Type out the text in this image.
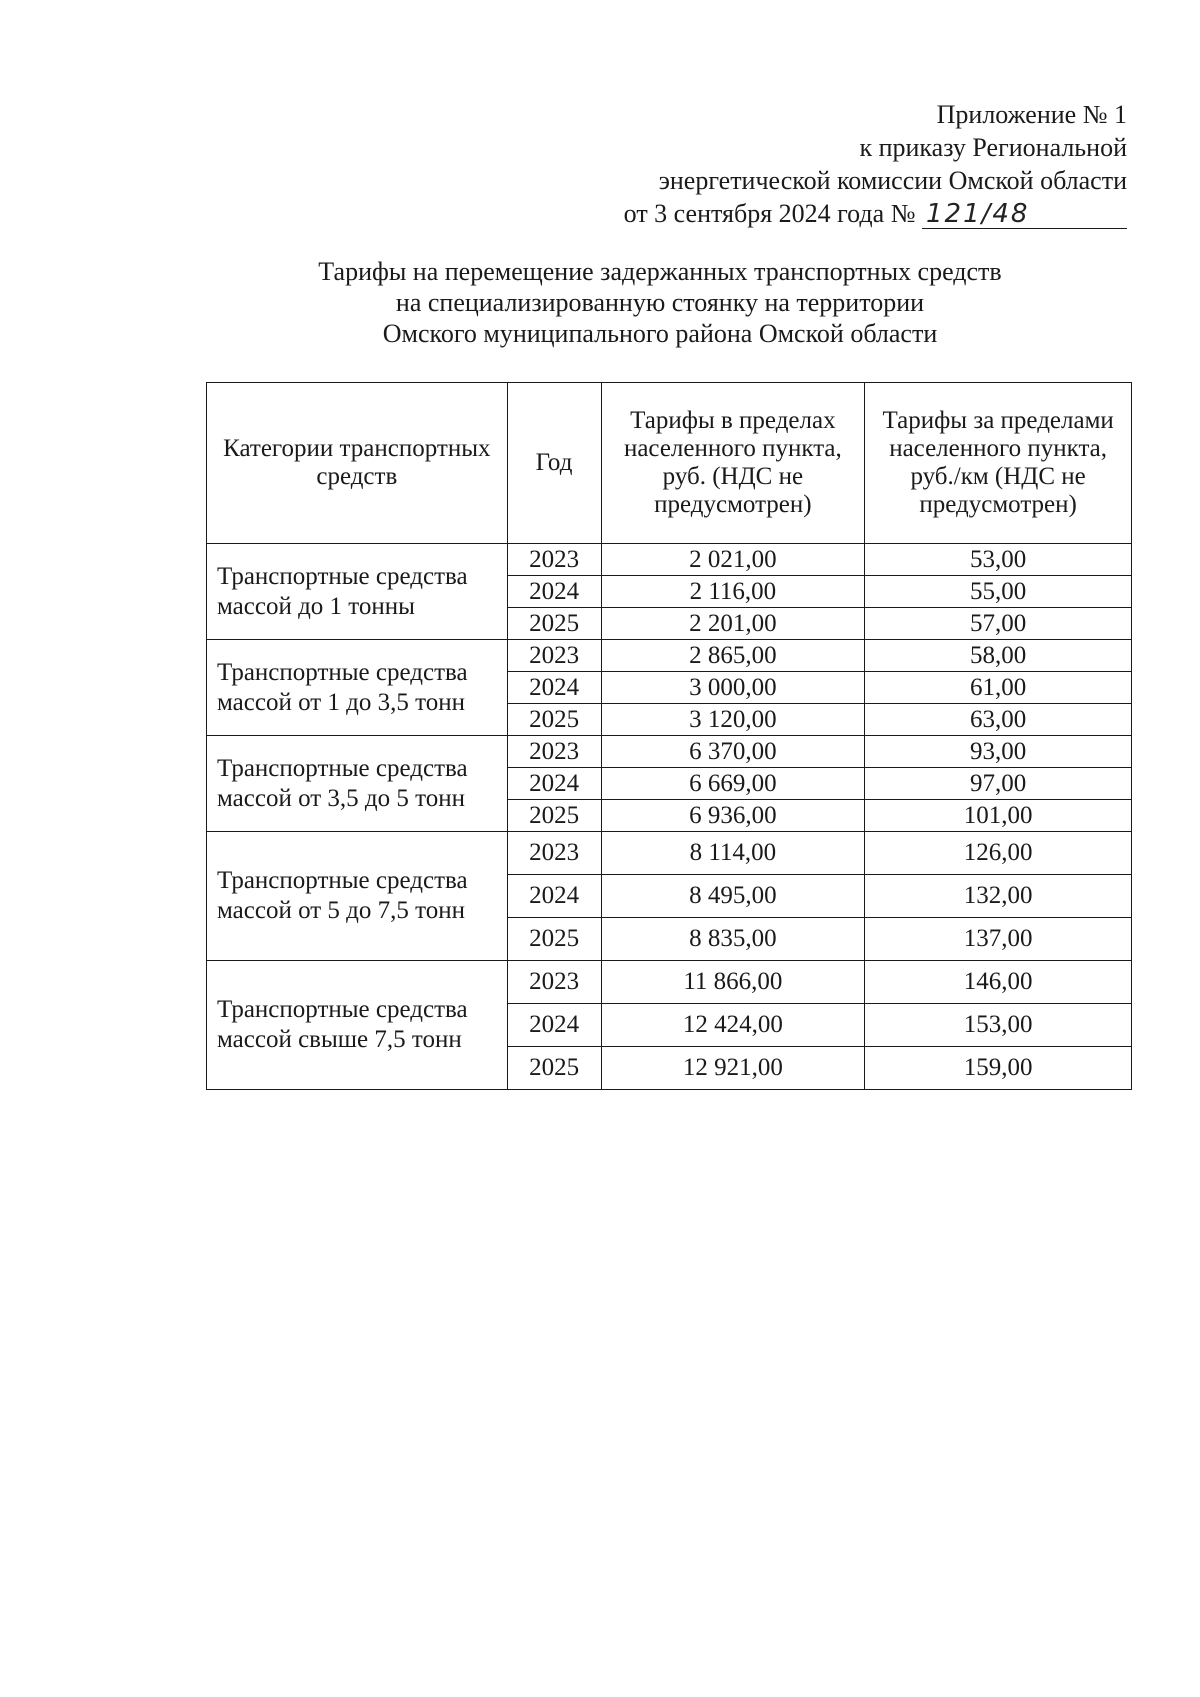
Приложение № 1
к приказу Региональной
энергетической комиссии Омской области
от 3 сентября 2024 года № 121/48
Тарифы на перемещение задержанных транспортных средств
на специализированную стоянку на территории
Омского муниципального района Омской области
Категории транспортных средств	Год	Тарифы в пределах населенного пункта, руб. (НДС не предусмотрен)	Тарифы за пределами населенного пункта, руб./км (НДС не предусмотрен)
Транспортные средства массой до 1 тонны	2023	2 021,00	53,00
	2024	2 116,00	55,00
	2025	2 201,00	57,00
Транспортные средства массой от 1 до 3,5 тонн	2023	2 865,00	58,00
	2024	3 000,00	61,00
	2025	3 120,00	63,00
Транспортные средства массой от 3,5 до 5 тонн	2023	6 370,00	93,00
	2024	6 669,00	97,00
	2025	6 936,00	101,00
Транспортные средства массой от 5 до 7,5 тонн	2023	8 114,00	126,00
	2024	8 495,00	132,00
	2025	8 835,00	137,00
Транспортные средства массой свыше 7,5 тонн	2023	11 866,00	146,00
	2024	12 424,00	153,00
	2025	12 921,00	159,00
